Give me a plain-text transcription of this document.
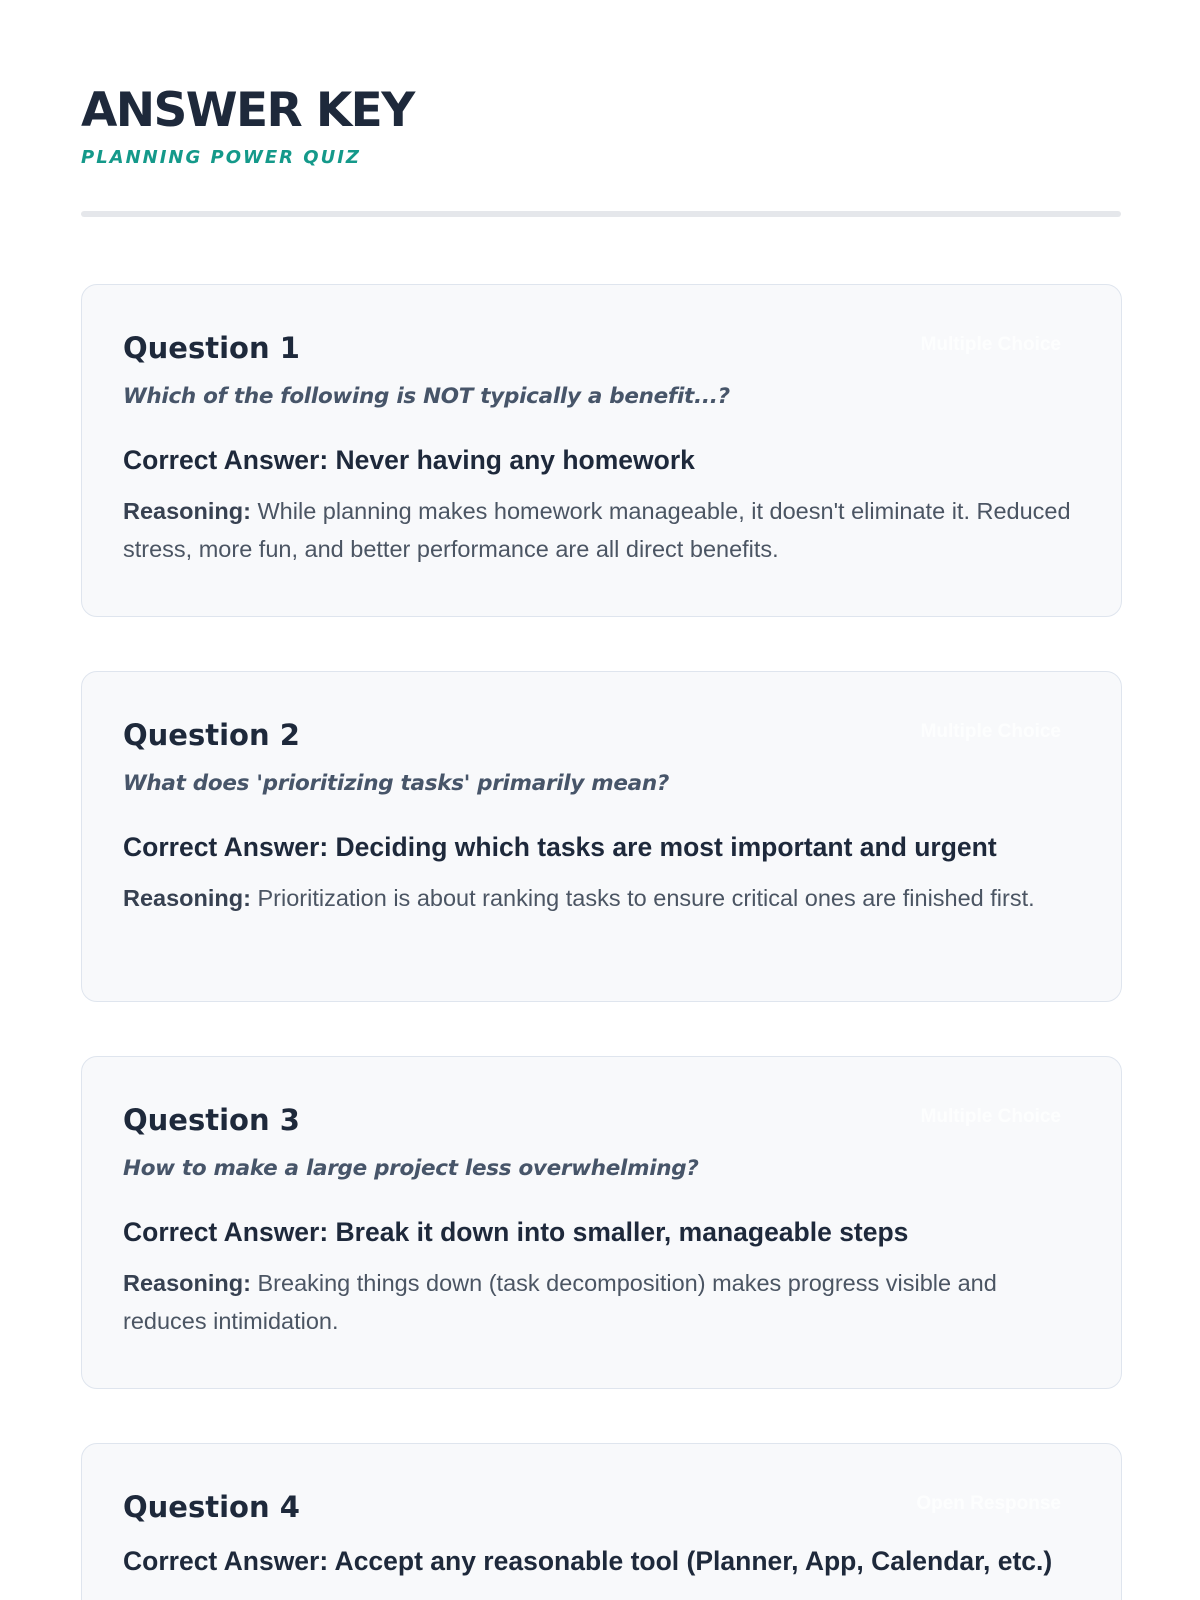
ANSWER KEY
PLANNING POWER QUIZ
Question 1	Multiple Choice
Which of the following is NOT typically a benefit...?
Correct Answer: Never having any homework

Reasoning: While planning makes homework manageable, it doesn't eliminate it. Reduced stress, more fun, and better performance are all direct benefits.

Question 2	Multiple Choice
What does 'prioritizing tasks' primarily mean?
Correct Answer: Deciding which tasks are most important and urgent

Reasoning: Prioritization is about ranking tasks to ensure critical ones are finished first.

Question 3	Multiple Choice
How to make a large project less overwhelming?
Correct Answer: Break it down into smaller, manageable steps

Reasoning: Breaking things down (task decomposition) makes progress visible and reduces intimidation.

Question 4	Open Response
Correct Answer: Accept any reasonable tool (Planner, App, Calendar, etc.)
